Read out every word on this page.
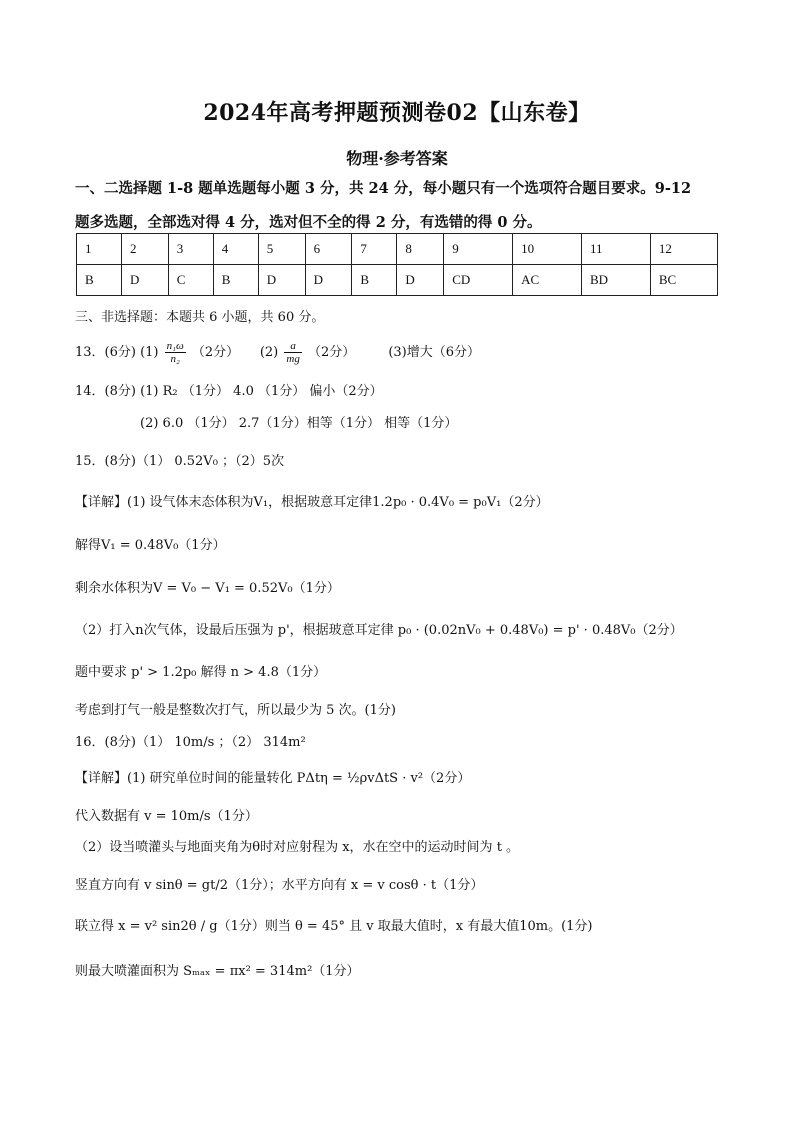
2024年高考押题预测卷02【山东卷】
物理·参考答案
一、二选择题 1-8 题单选题每小题 3 分，共 24 分，每小题只有一个选项符合题目要求。9-12
题多选题，全部选对得 4 分，选对但不全的得 2 分，有选错的得 0 分。
1	2	3	4	5	6	7	8	9	10	11	12
B	D	C	B	D	D	B	D	CD	AC	BD	BC
三、非选择题：本题共 6 小题，共 60 分。
13．(6分) $(1) \frac{\text{n₁ω}}{\text{n₂}} (2$分） $(2) \frac{a}{mg} (2$分）	(3)增大（6分）
14．(8分) (1) R₂ （1分） 4.0 （1分） 偏小（2分）
(2) 6.0 （1分） 2.7（1分）相等（1分） 相等（1分）
15．(8分)（1） 0.52V₀ ；（2）5次
【详解】(1) 设气体末态体积为V₁，根据玻意耳定律1.2p₀ · 0.4V₀ = p₀V₁（2分）
解得V₁ = 0.48V₀（1分）
剩余水体积为V = V₀ − V₁ = 0.52V₀（1分）
（2）打入n次气体，设最后压强为 p'，根据玻意耳定律 p₀ · (0.02nV₀ + 0.48V₀) = p' · 0.48V₀（2分）
题中要求 p' > 1.2p₀ 解得 n > 4.8（1分）
考虑到打气一般是整数次打气，所以最少为 5 次。(1分)
16．(8分)（1） 10m/s ；（2） 314m²
【详解】(1) 研究单位时间的能量转化 PΔtη = ½ρvΔtS · v²（2分）
代入数据有 v = 10m/s（1分）
（2）设当喷灌头与地面夹角为θ时对应射程为 x，水在空中的运动时间为 t 。
竖直方向有 v sinθ = gt/2（1分）；水平方向有 x = v cosθ · t（1分）
联立得 x = v² sin2θ / g（1分）则当 θ = 45° 且 v 取最大值时，x 有最大值10m。(1分)
则最大喷灌面积为 Sₘₐₓ = πx² = 314m²（1分）
